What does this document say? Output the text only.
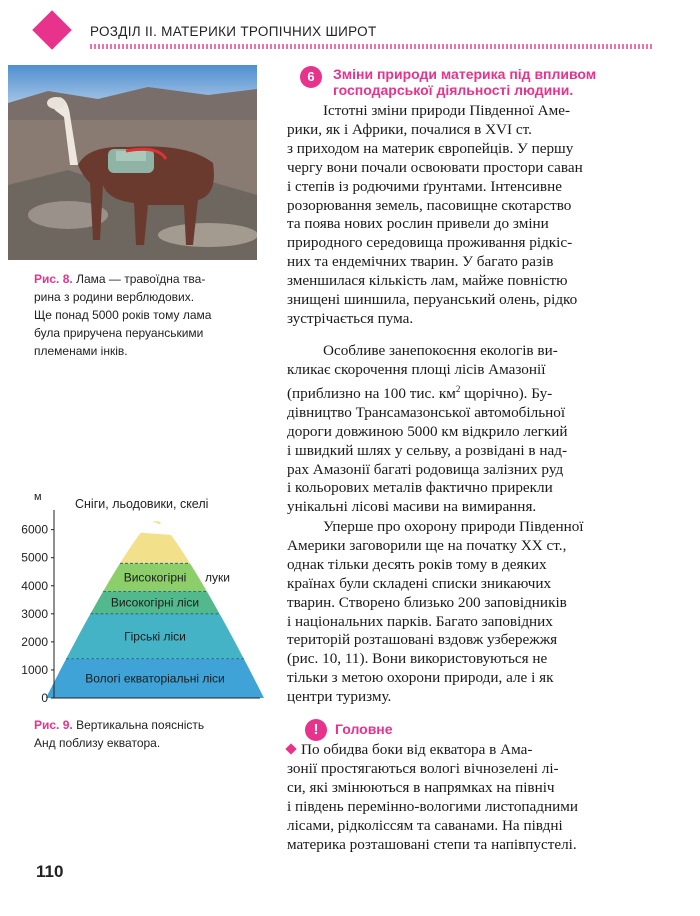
РОЗДІЛ ІІ. МАТЕРИКИ ТРОПІЧНИХ ШИРОТ
Рис. 8. Лама — травоїдна тва-
рина з родини верблюдових.
Ще понад 5000 років тому лама
була приручена перуанськими
племенами інків.
м	Сніги, льодовики, скелі
Вологі екваторіальні ліси
Гірські ліси
Високогірні ліси
Високогірні луки
0
1000
2000
3000
4000
5000
6000
Рис. 9. Вертикальна поясність
Анд поблизу екватора.
6	Зміни природи материка під впливом
господарської діяльності людини.
Істотні зміни природи Південної Аме-
рики, як і Африки, почалися в XVI ст.
з приходом на материк європейців. У першу
чергу вони почали освоювати простори саван
і степів із родючими ґрунтами. Інтенсивне
розорювання земель, пасовищне скотарство
та поява нових рослин привели до зміни
природного середовища проживання рідкіс-
них та ендемічних тварин. У багато разів
зменшилася кількість лам, майже повністю
знищені шиншила, перуанський олень, рідко
зустрічається пума.
Особливе занепокоєння екологів ви-
кликає скорочення площі лісів Амазонії
(приблизно на 100 тис. $км^2$ щорічно). Бу-
дівництво Трансамазонської автомобільної
дороги довжиною 5000 км відкрило легкий
і швидкий шлях у сельву, а розвідані в над-
рах Амазонії багаті родовища залізних руд
і кольорових металів фактично прирекли
унікальні лісові масиви на вимирання.
Уперше про охорону природи Південної
Америки заговорили ще на початку XX ст.,
однак тільки десять років тому в деяких
країнах були складені списки зникаючих
тварин. Створено близько 200 заповідників
і національних парків. Багато заповідних
територій розташовані вздовж узбережжя
(рис. 10, 11). Вони використовуються не
тільки з метою охорони природи, але і як
центри туризму.
!	Головне
По обидва боки від екватора в Ама-
зонії простягаються вологі вічнозелені лі-
си, які змінюються в напрямках на північ
і південь перемінно-вологими листопадними
лісами, рідколіссям та саванами. На півдні
материка розташовані степи та напівпустелі.
110
